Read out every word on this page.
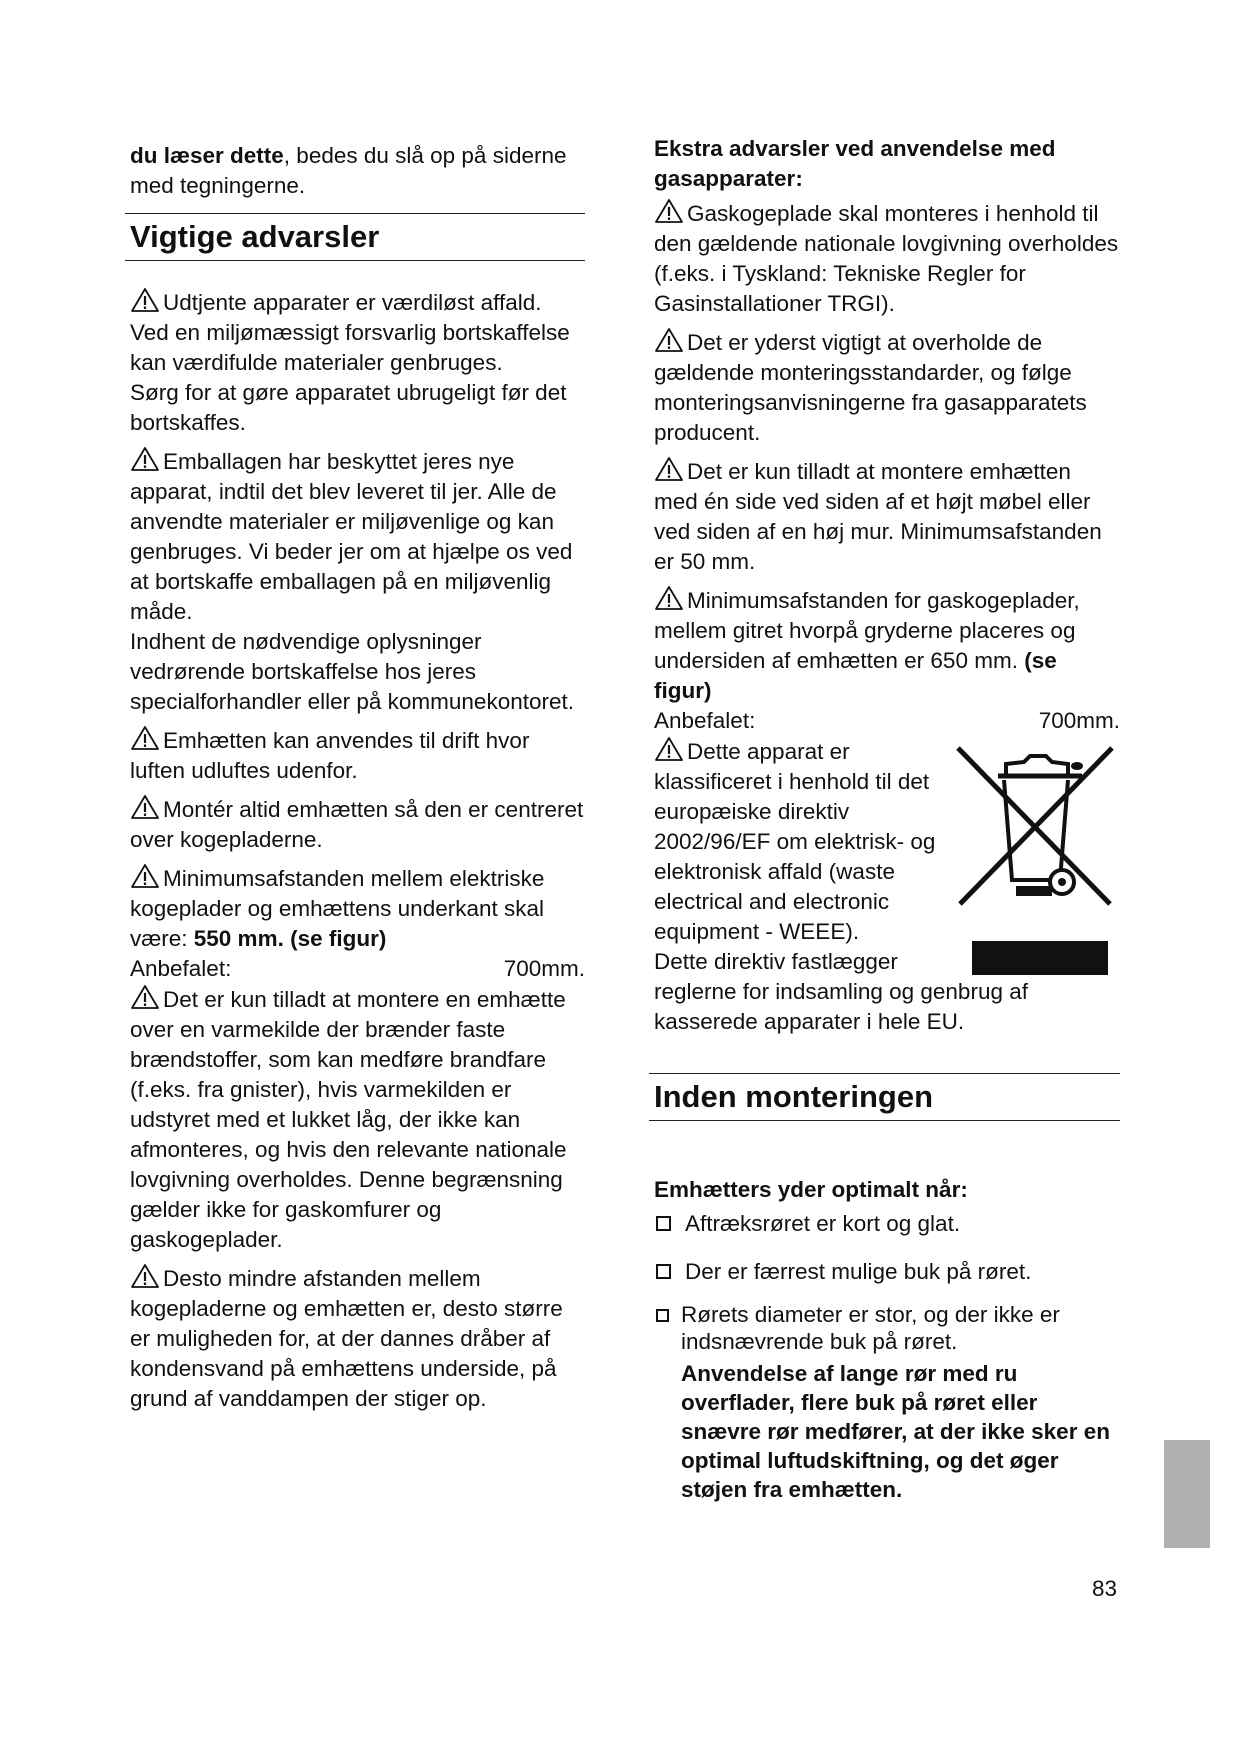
du læser dette, bedes du slå op på siderne med tegningerne.

Vigtige advarsler

Udtjente apparater er værdiløst affald. Ved en miljømæssigt forsvarlig bortskaffelse kan værdifulde materialer genbruges.

Sørg for at gøre apparatet ubrugeligt før det bortskaffes.

Emballagen har beskyttet jeres nye apparat, indtil det blev leveret til jer. Alle de anvendte materialer er miljøvenlige og kan genbruges. Vi beder jer om at hjælpe os ved at bortskaffe emballagen på en miljøvenlig måde.

Indhent de nødvendige oplysninger vedrørende bortskaffelse hos jeres specialforhandler eller på kommunekontoret.

Emhætten kan anvendes til drift hvor luften udluftes udenfor.

Montér altid emhætten så den er centreret over kogepladerne.

Minimumsafstanden mellem elektriske kogeplader og emhættens underkant skal være: 550 mm. (se figur)

Anbefalet:	700mm.

Det er kun tilladt at montere en emhætte over en varmekilde der brænder faste brændstoffer, som kan medføre brandfare (f.eks. fra gnister), hvis varmekilden er udstyret med et lukket låg, der ikke kan afmonteres, og hvis den relevante nationale lovgivning overholdes. Denne begrænsning gælder ikke for gaskomfurer og gaskogeplader.

Desto mindre afstanden mellem kogepladerne og emhætten er, desto større er muligheden for, at der dannes dråber af kondensvand på emhættens underside, på grund af vanddampen der stiger op.

Ekstra advarsler ved anvendelse med gasapparater:

Gaskogeplade skal monteres i henhold til den gældende nationale lovgivning overholdes (f.eks. i Tyskland: Tekniske Regler for Gasinstallationer TRGI).

Det er yderst vigtigt at overholde de gældende monteringsstandarder, og følge monteringsanvisningerne fra gasapparatets producent.

Det er kun tilladt at montere emhætten med én side ved siden af et højt møbel eller ved siden af en høj mur. Minimumsafstanden er 50 mm.

Minimumsafstanden for gaskogeplader, mellem gitret hvorpå gryderne placeres og undersiden af emhætten er 650 mm. (se figur)

Anbefalet:	700mm.

Dette apparat er klassificeret i henhold til det europæiske direktiv 2002/96/EF om elektrisk- og elektronisk affald (waste electrical and electronic equipment - WEEE).

Dette direktiv fastlægger

reglerne for indsamling og genbrug af kasserede apparater i hele EU.

Inden monteringen

Emhætters yder optimalt når:

Aftræksrøret er kort og glat.
Der er færrest mulige buk på røret.

Rørets diameter er stor, og der ikke er indsnævrende buk på røret.

Anvendelse af lange rør med ru overflader, flere buk på røret eller snævre rør medfører, at der ikke sker en optimal luftudskiftning, og det øger støjen fra emhætten.

83
